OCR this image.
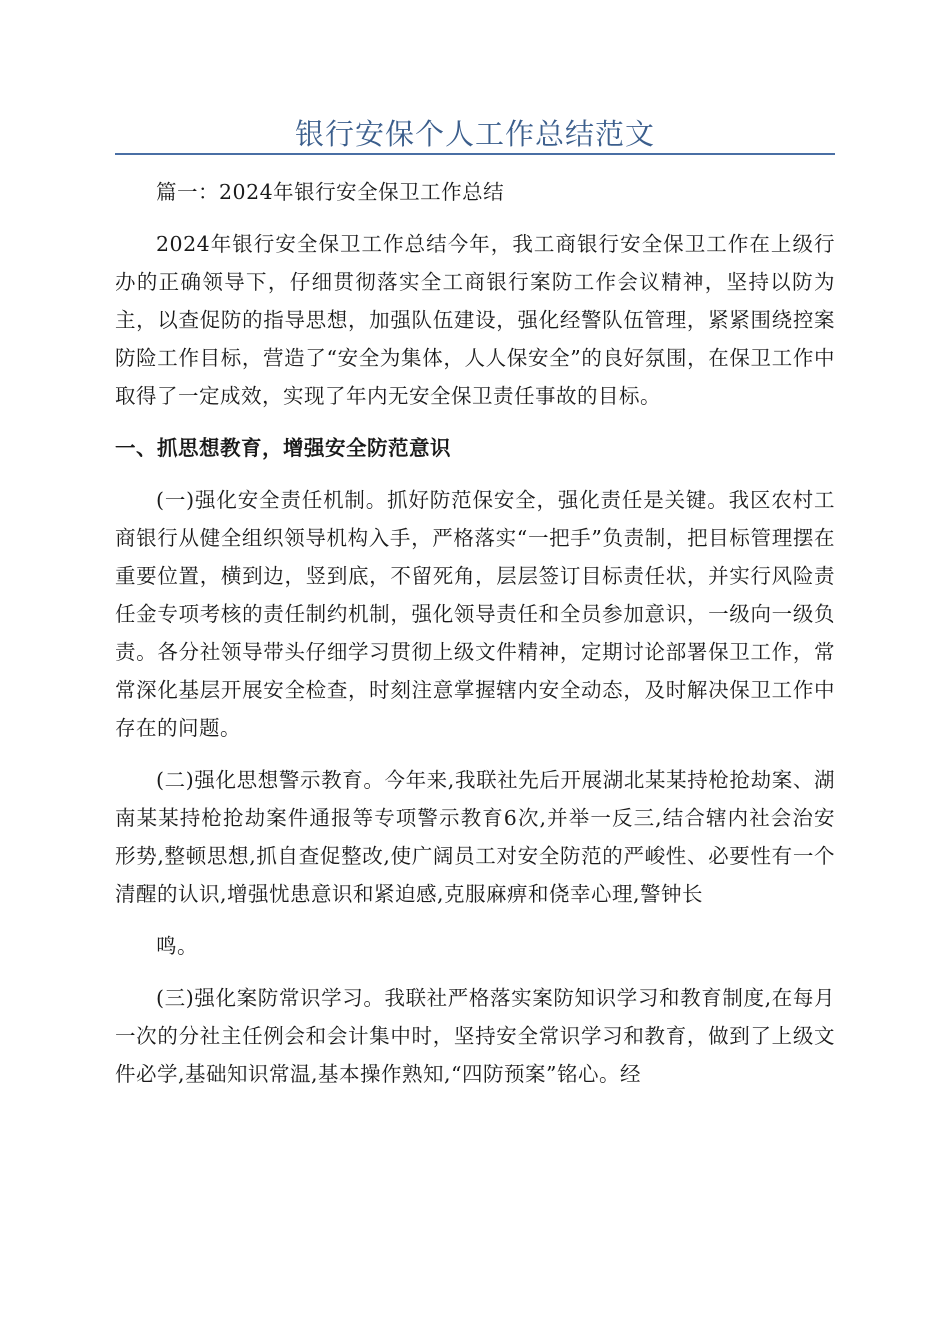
银行安保个人工作总结范文

篇一：2024年银行安全保卫工作总结

2024年银行安全保卫工作总结今年，我工商银行安全保卫工作在上级行办的正确领导下，仔细贯彻落实全工商银行案防工作会议精神，坚持以防为主，以查促防的指导思想，加强队伍建设，强化经警队伍管理，紧紧围绕控案防险工作目标，营造了“安全为集体，人人保安全”的良好氛围，在保卫工作中取得了一定成效，实现了年内无安全保卫责任事故的目标。

一、抓思想教育，增强安全防范意识

(一)强化安全责任机制。抓好防范保安全，强化责任是关键。我区农村工商银行从健全组织领导机构入手，严格落实“一把手”负责制，把目标管理摆在重要位置，横到边，竖到底，不留死角，层层签订目标责任状，并实行风险责任金专项考核的责任制约机制，强化领导责任和全员参加意识，一级向一级负责。各分社领导带头仔细学习贯彻上级文件精神，定期讨论部署保卫工作，常常深化基层开展安全检查，时刻注意掌握辖内安全动态，及时解决保卫工作中存在的问题。

(二)强化思想警示教育。今年来,我联社先后开展湖北某某持枪抢劫案、湖南某某持枪抢劫案件通报等专项警示教育6次,并举一反三,结合辖内社会治安形势,整顿思想,抓自查促整改,使广阔员工对安全防范的严峻性、必要性有一个清醒的认识,增强忧患意识和紧迫感,克服麻痹和侥幸心理,警钟长

鸣。

(三)强化案防常识学习。我联社严格落实案防知识学习和教育制度,在每月一次的分社主任例会和会计集中时，坚持安全常识学习和教育，做到了上级文件必学,基础知识常温,基本操作熟知,“四防预案”铭心。经
